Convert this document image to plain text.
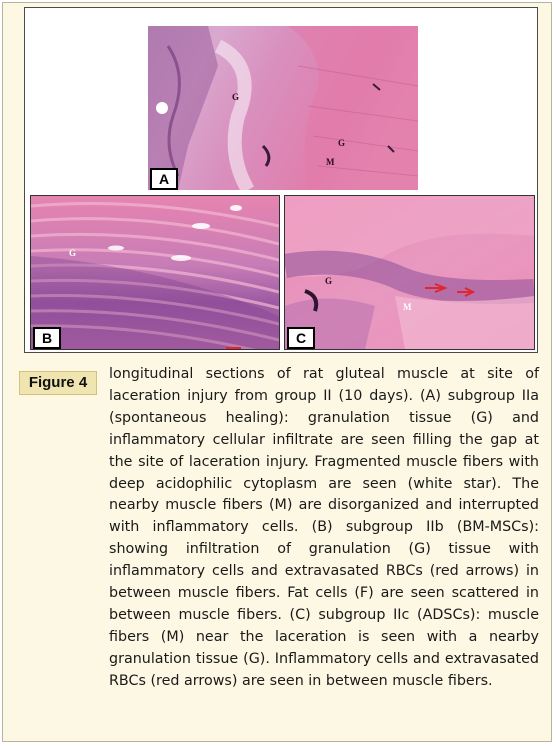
G
G
M
A
G
B
G
M
C
Figure 4	longitudinal sections of rat gluteal muscle at site of laceration injury from group II (10 days). (A) subgroup IIa (spontaneous healing): granulation tissue (G) and inflammatory cellular infiltrate are seen filling the gap at the site of laceration injury. Fragmented muscle fibers with deep acidophilic cytoplasm are seen (white star). The nearby muscle fibers (M) are disorganized and interrupted with inflammatory cells. (B) subgroup IIb (BM-MSCs): showing infiltration of granulation (G) tissue with inflammatory cells and extravasated RBCs (red arrows) in between muscle fibers. Fat cells (F) are seen scattered in between muscle fibers. (C) subgroup IIc (ADSCs): muscle fibers (M) near the laceration is seen with a nearby granulation tissue (G). Inflammatory cells and extravasated RBCs (red arrows) are seen in between muscle fibers.
